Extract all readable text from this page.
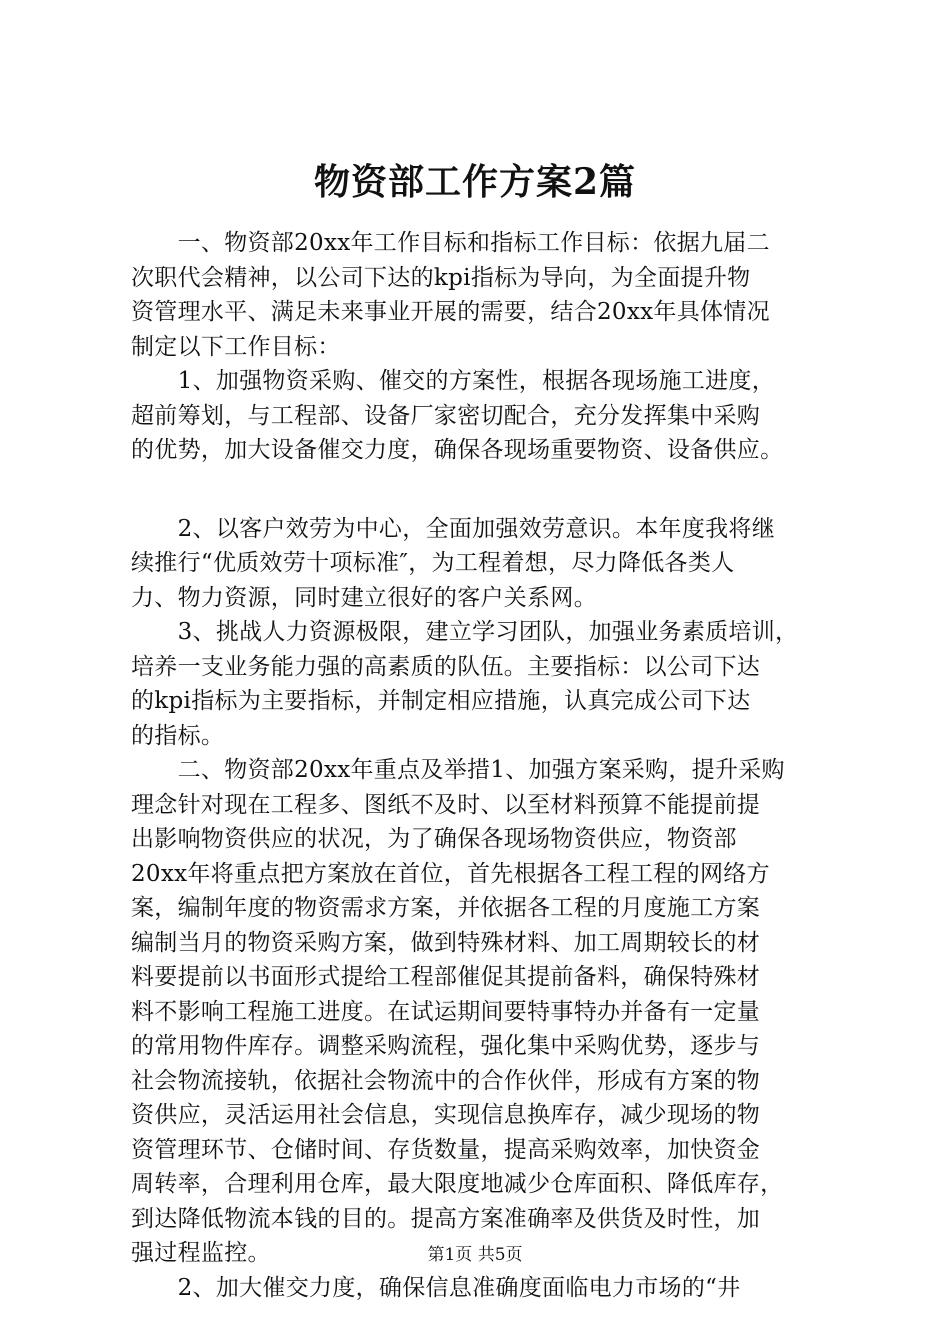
物资部工作方案2篇
　　一、物资部20xx年工作目标和指标工作目标：依据九届二
次职代会精神，以公司下达的kpi指标为导向，为全面提升物
资管理水平、满足未来事业开展的需要，结合20xx年具体情况
制定以下工作目标：
　　1、加强物资采购、催交的方案性，根据各现场施工进度，
超前筹划，与工程部、设备厂家密切配合，充分发挥集中采购
的优势，加大设备催交力度，确保各现场重要物资、设备供应。
　　2、以客户效劳为中心，全面加强效劳意识。本年度我将继
续推行“优质效劳十项标准″，为工程着想，尽力降低各类人
力、物力资源，同时建立很好的客户关系网。
　　3、挑战人力资源极限，建立学习团队，加强业务素质培训，
培养一支业务能力强的高素质的队伍。主要指标：以公司下达
的kpi指标为主要指标，并制定相应措施，认真完成公司下达
的指标。
　　二、物资部20xx年重点及举措1、加强方案采购，提升采购
理念针对现在工程多、图纸不及时、以至材料预算不能提前提
出影响物资供应的状况，为了确保各现场物资供应，物资部
20xx年将重点把方案放在首位，首先根据各工程工程的网络方
案，编制年度的物资需求方案，并依据各工程的月度施工方案
编制当月的物资采购方案，做到特殊材料、加工周期较长的材
料要提前以书面形式提给工程部催促其提前备料，确保特殊材
料不影响工程施工进度。在试运期间要特事特办并备有一定量
的常用物件库存。调整采购流程，强化集中采购优势，逐步与
社会物流接轨，依据社会物流中的合作伙伴，形成有方案的物
资供应，灵活运用社会信息，实现信息换库存，减少现场的物
资管理环节、仓储时间、存货数量，提高采购效率，加快资金
周转率，合理利用仓库，最大限度地减少仓库面积、降低库存，
到达降低物流本钱的目的。提高方案准确率及供货及时性，加
强过程监控。
　　2、加大催交力度，确保信息准确度面临电力市场的“井
第1页 共5页
